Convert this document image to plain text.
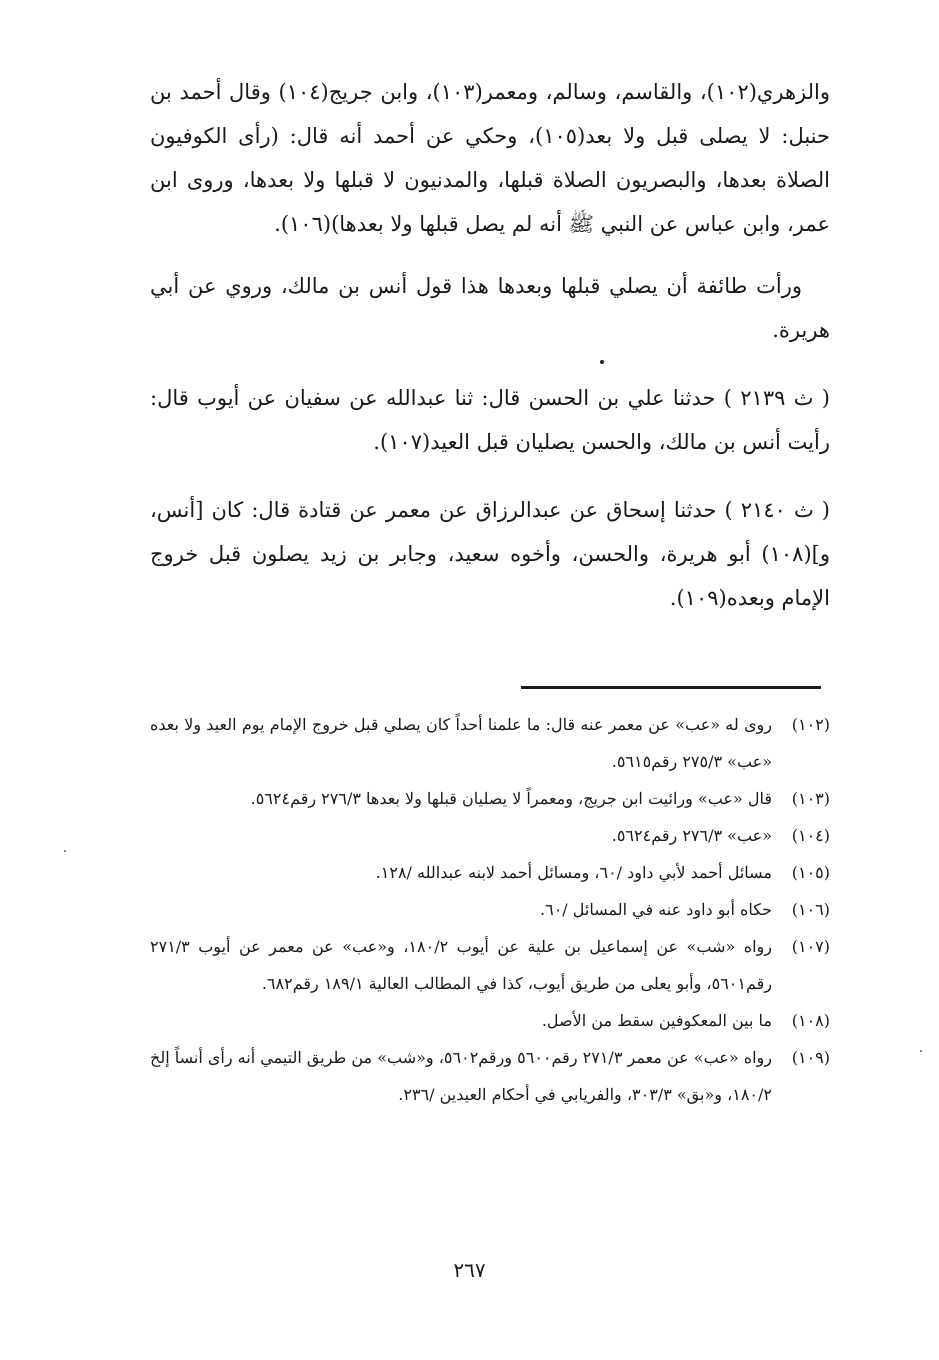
والزهري(١٠٢)، والقاسم، وسالم، ومعمر(١٠٣)، وابن جريج(١٠٤) وقال أحمد بن حنبل: لا يصلى قبل ولا بعد(١٠٥)، وحكي عن أحمد أنه قال: (رأى الكوفيون الصلاة بعدها، والبصريون الصلاة قبلها، والمدنيون لا قبلها ولا بعدها، وروى ابن عمر، وابن عباس عن النبي ﷺ أنه لم يصل قبلها ولا بعدها)(١٠٦).

ورأت طائفة أن يصلي قبلها وبعدها هذا قول أنس بن مالك، وروي عن أبي هريرة.

( ث ٢١٣٩ ) حدثنا علي بن الحسن قال: ثنا عبدالله عن سفيان عن أيوب قال: رأيت أنس بن مالك، والحسن يصليان قبل العيد(١٠٧).

( ث ٢١٤٠ ) حدثنا إسحاق عن عبدالرزاق عن معمر عن قتادة قال: كان [أنس، و](١٠٨) أبو هريرة، والحسن، وأخوه سعيد، وجابر بن زيد يصلون قبل خروج الإمام وبعده(١٠٩).

(١٠٢)
روى له «عب» عن معمر عنه قال: ما علمنا أحداً كان يصلي قبل خروج الإمام يوم العيد ولا بعده «عب» ٢٧٥/٣ رقم٥٦١٥.
(١٠٣)
قال «عب» ورائيت ابن جريج، ومعمراً لا يصليان قبلها ولا بعدها ٢٧٦/٣ رقم٥٦٢٤.
(١٠٤)
«عب» ٢٧٦/٣ رقم٥٦٢٤.
(١٠٥)
مسائل أحمد لأبي داود /٦٠، ومسائل أحمد لابنه عبدالله /١٢٨.
(١٠٦)
حكاه أبو داود عنه في المسائل /٦٠.
(١٠٧)
رواه «شب» عن إسماعيل بن علية عن أيوب ١٨٠/٢، و«عب» عن معمر عن أيوب ٢٧١/٣ رقم٥٦٠١، وأبو يعلى من طريق أيوب، كذا في المطالب العالية ١٨٩/١ رقم٦٨٢.
(١٠٨)
ما بين المعكوفين سقط من الأصل.
(١٠٩)
رواه «عب» عن معمر ٢٧١/٣ رقم٥٦٠٠ ورقم٥٦٠٢، و«شب» من طريق التيمي أنه رأى أنساً إلخ ١٨٠/٢، و«بق» ٣٠٣/٣، والفريابي في أحكام العيدين /٢٣٦.
٢٦٧
